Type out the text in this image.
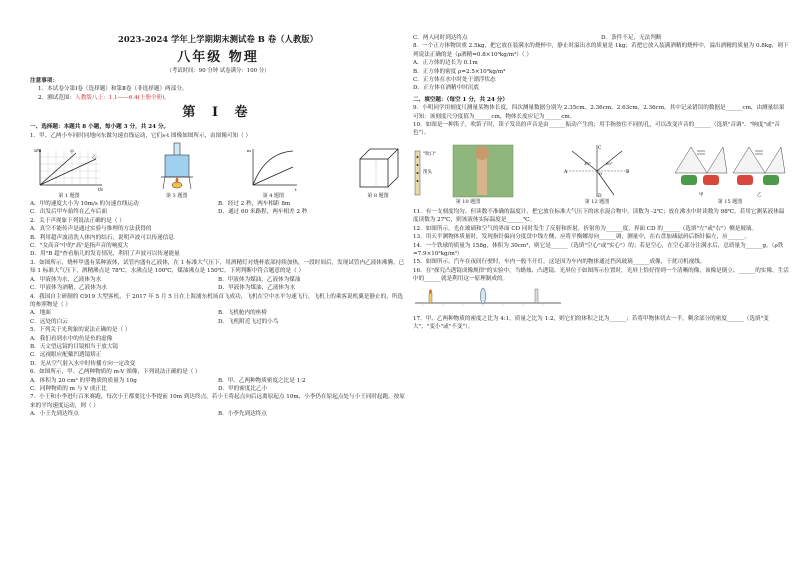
2023-2024 学年上学期期末测试卷 B 卷（人教版）
八年级 物理
（考试时间：90 分钟 试卷满分：100 分）
注意事项：
1．本试卷分第Ⅰ卷（选择题）和第Ⅱ卷（非选择题）两部分。
2．测试范围：人教版八上：1.1——6.4(上册全册)。
第 Ⅰ 卷
一、选择题：本题共 8 小题，每小题 3 分，共 24 分。
1．甲、乙两小车同时同地向东做匀速直线运动，它们s-t 图像如图所示，由图像可知（ ）
s/m
t/s
甲
乙
第 1 题图	第 3 题图
m
t
第 4 题图	第 8 题图
A．甲的速度大小为 10m/s 的匀速直线运动	B．经过 2 秒，两车相距 8m
C．出发后甲车始终在乙车后面	D．通过 60 米路程，两车相差 2 秒
2．关于声现象下列说法正确的是（ ）
A．真空不能传声是通过实验与推理的方法获得的
B．利用超声波清洗人体内的结石，说明声波可以传递信息
C．"女高音"中的"高"是指声音的响度大
D．用"B 超"查看胎儿的发育情况，利用了声波可以传递能量
3．如图所示，烧杯甲盛有某种液体，试管内盛有乙液体，在 1 标准大气压下，用酒精灯对烧杯底部持续加热，一段时间后，发现试管内乙液体沸腾。已知 1 标准大气压下，酒精沸点是 78℃，水沸点是 100℃，煤油沸点是 150℃。下列判断中符合题意的是（ ）
A．甲液体为水，乙液体为水	B．甲液体为煤油，乙液体为煤油
C．甲液体为酒精，乙液体为水	D．甲液体为煤油，乙液体为水
4．我国自主研制的 C919 大型客机，于 2017 年 5 月 5 日在上海浦东机场首飞成功，飞机在空中水平匀速飞行，飞机上的乘客说机翼是静止的，所选的参照物是（ ）
A．地面	B．飞机舱内的座椅
C．远处的白云	D．飞机附近飞过的小鸟
5．下列关于光现象的说法正确的是（ ）
A．我们看到水中的鱼是鱼的虚像
B．天文望远镜的目镜相当于放大镜
C．远视眼应配戴凹透镜矫正
D．光从空气射入水中时传播方向一定改变
6．如图所示，甲、乙两种物质的 m-V 图像，下列说法正确的是（ ）
A．体积为 20 cm³ 的甲物质的质量为 10g	B．甲、乙两种物质密度之比是 1:2
C．同种物质的 m 与 V 成正比	D．甲的密度比乙小
7．小王和小李进行百米赛跑，每次小王都要比小李提前 10m 到达终点，若小王将起点向后远离原起点 10m，小李仍在原起点处与小王同时起跑，按原来的平均速度运动，则（ ）
A．小王先到达终点	B．小李先到达终点
C．两人同时到达终点	D．条件不足，无法判断
8．一个正方体物块重 2.5kg，把它放在装满水的烧杯中，静止时溢出水的质量是 1kg；若把它放入装满酒精的烧杯中，溢出酒精的质量为 0.8kg，则下列说法正确的是（ρ酒精=0.8×10³kg/m³）（ ）
A．正方体的边长为 0.1m
B．正方体的密度 ρ=2.5×10³kg/m³
C．正方体在水中时处于漂浮状态
D．正方体在酒精中时沉底
二、填空题：（每空 1 分，共 24 分）
9．小明同学用刻度尺测量某物体长度，四次测量数据分别为 2.35cm、2.36cm、2.63cm、2.36cm，其中记录错误的数据是______cm，由测量结果可知：该刻度尺分度值为______cm，物体长度应记为______cm。
10．如图是一种笛子，吹笛子时，笛子发出的声音是由______振动产生的；用手指按住不同的孔，可以改变声音的______（选填"音调"、"响度"或"音色"）。
"吹口"
笛头
第 10 题图
C
D
A	B
O
30°	60°
第 12 题图
甲	乙
第 15 题图
11．有一支刻度均匀、但读数不准确的温度计，把它放在标准大气压下的冰水混合物中，读数为 -2℃；放在沸水中时读数为 98℃。若用它测某液体温度读数为 27℃，则该液体实际温度是______℃。
12．如图所示，光在玻璃和空气的界面 CD 同时发生了反射和折射，折射角为______度，界面 CD 的______（选填"左"或"右"）侧是玻璃。
13．用天平测物体质量时，发现指针偏向分度盘中线左侧，应将平衡螺母向______调；测量中，在右盘加减砝码后指针偏左，应______。
14．一个铁球的质量为 158g，体积为 30cm³，则它是______（选填"空心"或"实心"）的；若是空心，在空心部分注满水后，总质量为______g。（ρ铁=7.9×10³kg/m³）
15．如图所示，汽车在夜间行驶时，车内一般不开灯，这是因为车内的物体通过挡风玻璃______成像，干扰司机视线。
16．在"探究凸透镜成像规律"的实验中，当蜡烛、凸透镜、光屏位于如图所示位置时，光屏上恰好得到一个清晰的像，该像是倒立、______的实像，生活中的______就是利用这一原理制成的。
17．甲、乙两种物质的密度之比为 4:1，质量之比为 1:2，则它们的体积之比为______；若将甲物体切去一半，剩余部分的密度______（选填"变大"、"变小"或"不变"）。
